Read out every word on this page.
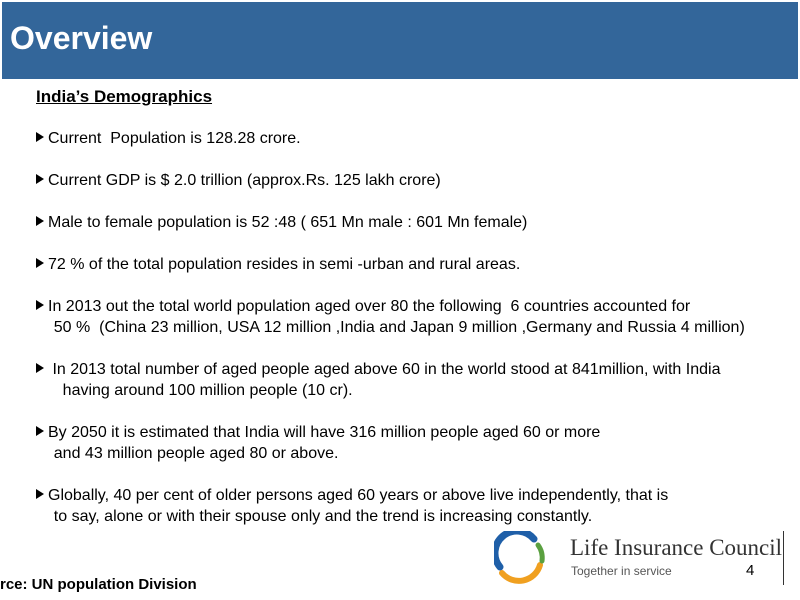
Overview

India’s Demographics

Current  Population is 128.28 crore.

Current GDP is $ 2.0 trillion (approx.Rs. 125 lakh crore)

Male to female population is 52 :48 ( 651 Mn male : 601 Mn female)

72 % of the total population resides in semi -urban and rural areas.

In 2013 out the total world population aged over 80 the following  6 countries accounted for

50 %  (China 23 million, USA 12 million ,India and Japan 9 million ,Germany and Russia 4 million)

In 2013 total number of aged people aged above 60 in the world stood at 841million, with India

having around 100 million people (10 cr).

By 2050 it is estimated that India will have 316 million people aged 60 or more

and 43 million people aged 80 or above.

Globally, 40 per cent of older persons aged 60 years or above live independently, that is

to say, alone or with their spouse only and the trend is increasing constantly.

Life Insurance Council
Together in service	4
rce: UN population Division
